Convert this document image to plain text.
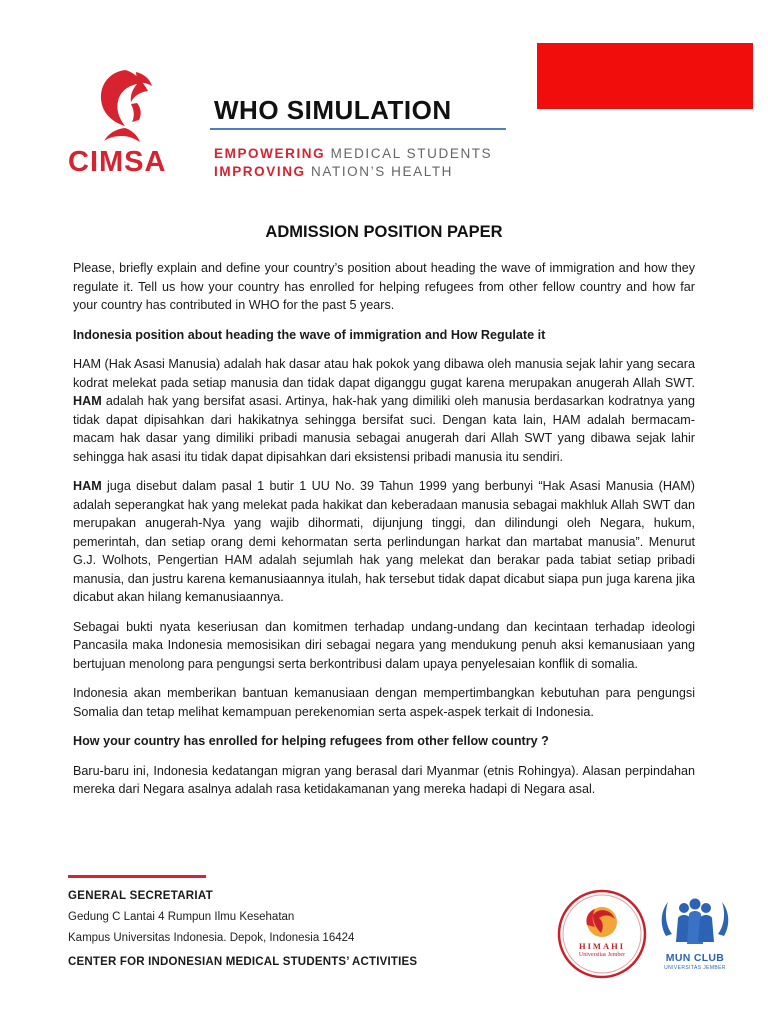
CIMSA
WHO SIMULATION
EMPOWERING MEDICAL STUDENTS
IMPROVING NATION’S HEALTH
ADMISSION POSITION PAPER

Please, briefly explain and define your country’s position about heading the wave of immigration and how they regulate it. Tell us how your country has enrolled for helping refugees from other fellow country and how far your country has contributed in WHO for the past 5 years.

Indonesia position about heading the wave of immigration and How Regulate it

HAM (Hak Asasi Manusia) adalah hak dasar atau hak pokok yang dibawa oleh manusia sejak lahir yang secara kodrat melekat pada setiap manusia dan tidak dapat diganggu gugat karena merupakan anugerah Allah SWT. HAM adalah hak yang bersifat asasi. Artinya, hak-hak yang dimiliki oleh manusia berdasarkan kodratnya yang tidak dapat dipisahkan dari hakikatnya sehingga bersifat suci. Dengan kata lain, HAM adalah bermacam-macam hak dasar yang dimiliki pribadi manusia sebagai anugerah dari Allah SWT yang dibawa sejak lahir sehingga hak asasi itu tidak dapat dipisahkan dari eksistensi pribadi manusia itu sendiri.

HAM juga disebut dalam pasal 1 butir 1 UU No. 39 Tahun 1999 yang berbunyi “Hak Asasi Manusia (HAM) adalah seperangkat hak yang melekat pada hakikat dan keberadaan manusia sebagai makhluk Allah SWT dan merupakan anugerah-Nya yang wajib dihormati, dijunjung tinggi, dan dilindungi oleh Negara, hukum, pemerintah, dan setiap orang demi kehormatan serta perlindungan harkat dan martabat manusia”. Menurut G.J. Wolhots, Pengertian HAM adalah sejumlah hak yang melekat dan berakar pada tabiat setiap pribadi manusia, dan justru karena kemanusiaannya itulah, hak tersebut tidak dapat dicabut siapa pun juga karena jika dicabut akan hilang kemanusiaannya.

Sebagai bukti nyata keseriusan dan komitmen terhadap undang-undang dan kecintaan terhadap ideologi Pancasila maka Indonesia memosisikan diri sebagai negara yang mendukung penuh aksi kemanusiaan yang bertujuan menolong para pengungsi serta berkontribusi dalam upaya penyelesaian konflik di somalia.

Indonesia akan memberikan bantuan kemanusiaan dengan mempertimbangkan kebutuhan para pengungsi Somalia dan tetap melihat kemampuan perekenomian serta aspek-aspek terkait di Indonesia.

How your country has enrolled for helping refugees from other fellow country ?

Baru-baru ini, Indonesia kedatangan migran yang berasal dari Myanmar (etnis Rohingya). Alasan perpindahan mereka dari Negara asalnya adalah rasa ketidakamanan yang mereka hadapi di Negara asal.

GENERAL SECRETARIAT
Gedung C Lantai 4 Rumpun Ilmu Kesehatan
Kampus Universitas Indonesia. Depok, Indonesia 16424
CENTER FOR INDONESIAN MEDICAL STUDENTS’ ACTIVITIES
HIMAHI
Universitas Jember	MUN CLUB
UNIVERSITAS JEMBER
